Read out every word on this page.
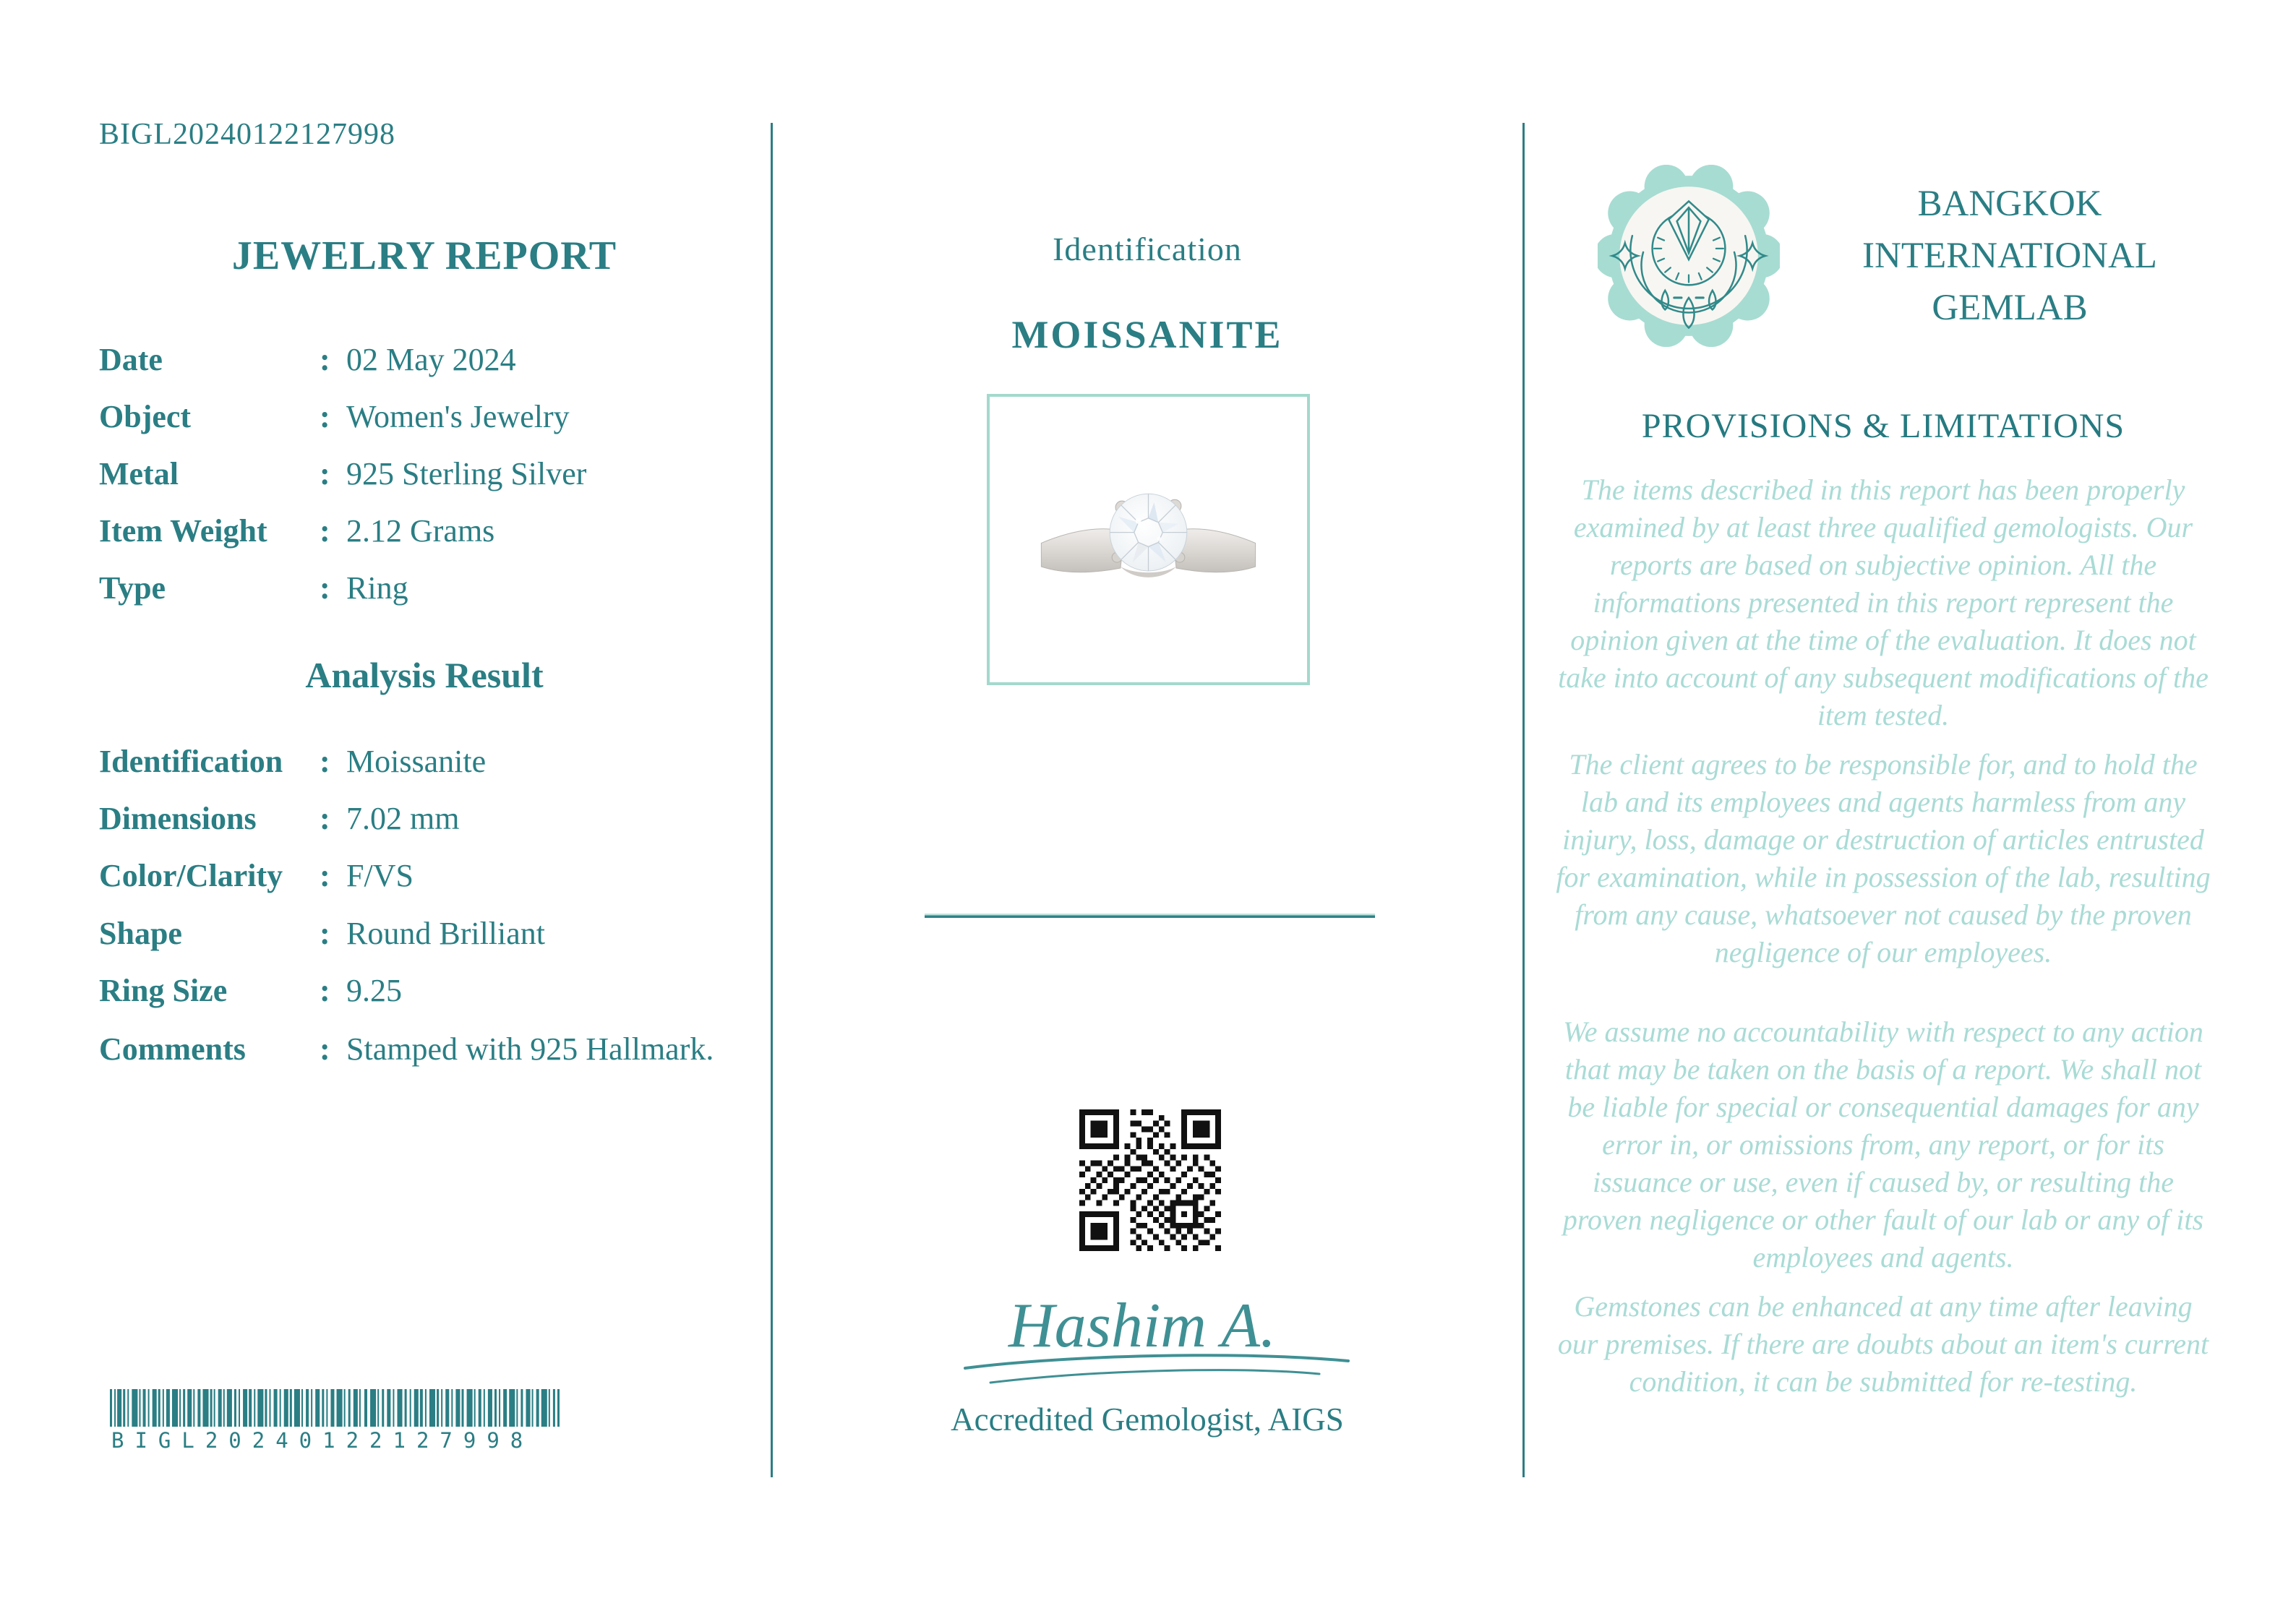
BIGL20240122127998
JEWELRY REPORT
Date	: 02 May 2024
Object	: Women's Jewelry
Metal	: 925 Sterling Silver
Item Weight : 2.12 Grams
Type	: Ring
Analysis Result
Identification : Moissanite
Dimensions : 7.02 mm
Color/Clarity : F/VS
Shape	: Round Brilliant
Ring Size	: 9.25
Comments : Stamped with 925 Hallmark.
BIGL20240122127998
Identification
MOISSANITE
Hashim A.
Accredited Gemologist, AIGS
BANGKOK
INTERNATIONAL
GEMLAB
PROVISIONS & LIMITATIONS
The items described in this report has been properly examined by at least three qualified gemologists. Our reports are based on subjective opinion. All the informations presented in this report represent the opinion given at the time of the evaluation. It does not take into account of any subsequent modifications of the item tested.
The client agrees to be responsible for, and to hold the lab and its employees and agents harmless from any injury, loss, damage or destruction of articles entrusted for examination, while in possession of the lab, resulting from any cause, whatsoever not caused by the proven negligence of our employees.
We assume no accountability with respect to any action that may be taken on the basis of a report. We shall not be liable for special or consequential damages for any error in, or omissions from, any report, or for its issuance or use, even if caused by, or resulting the proven negligence or other fault of our lab or any of its employees and agents.
Gemstones can be enhanced at any time after leaving our premises. If there are doubts about an item's current condition, it can be submitted for re-testing.
